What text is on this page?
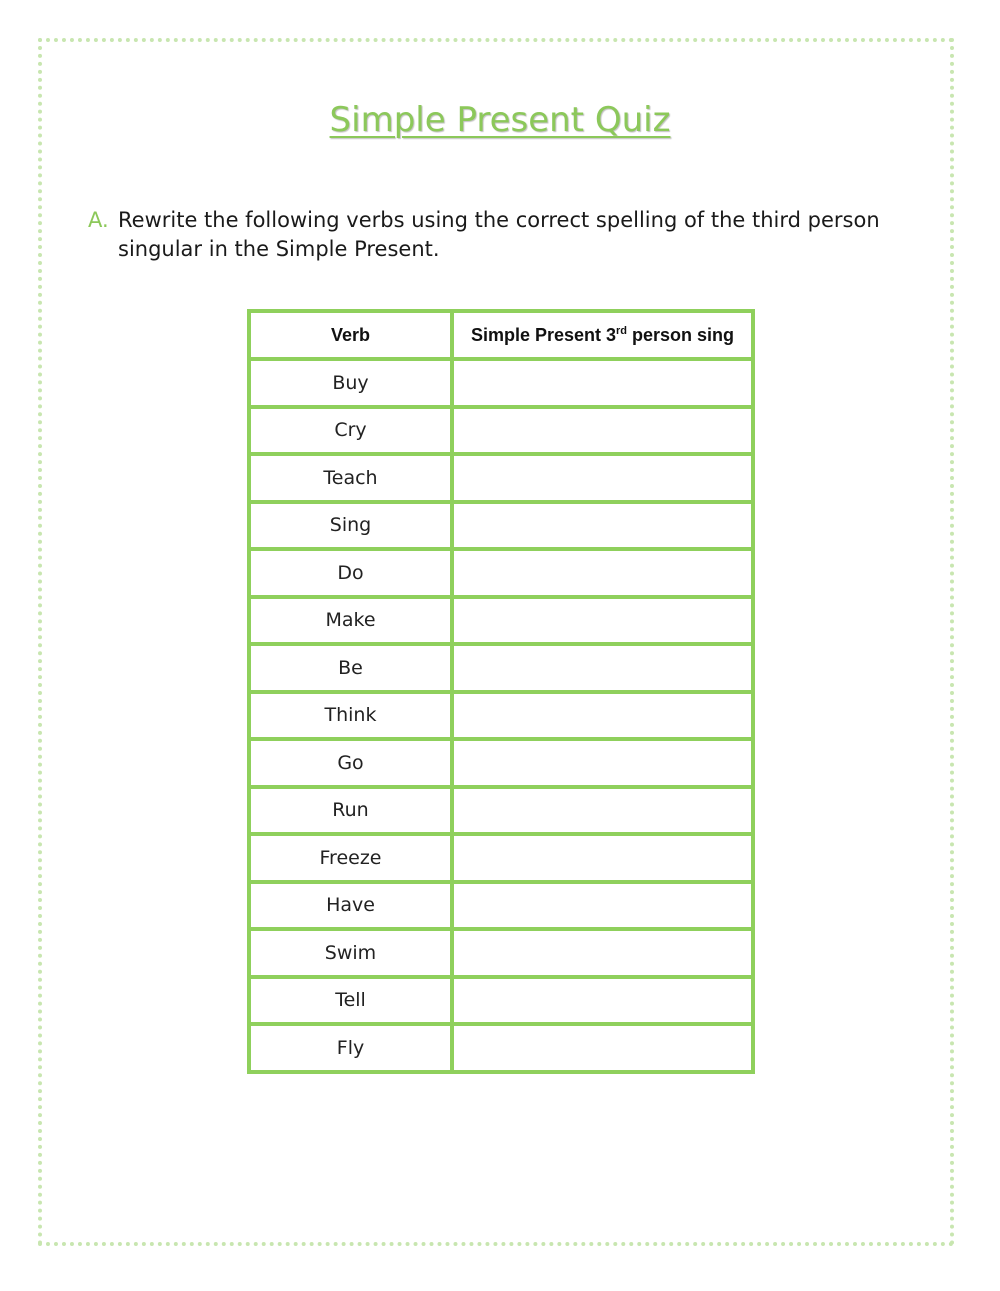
Simple Present Quiz
A. Rewrite the following verbs using the correct spelling of the third person singular in the Simple Present.
Verb	Simple Present 3rd person sing
Buy	
Cry	
Teach	
Sing	
Do	
Make	
Be	
Think	
Go	
Run	
Freeze	
Have	
Swim	
Tell	
Fly	
